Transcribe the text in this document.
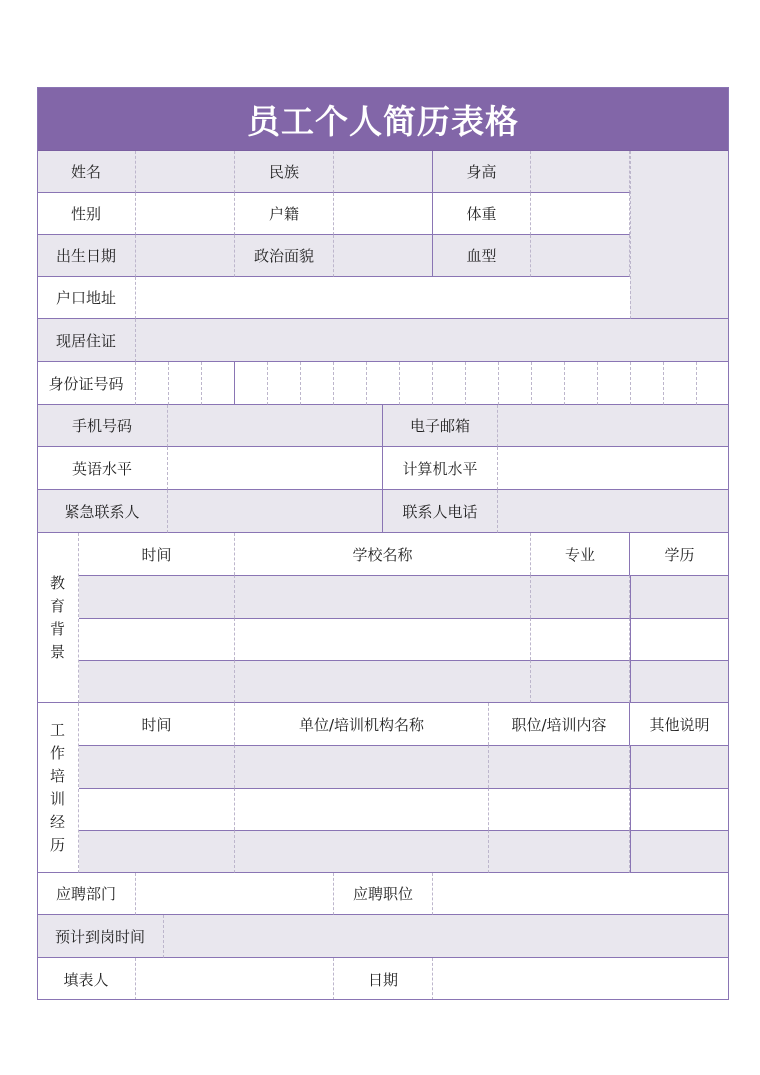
员工个人简历表格
姓名	民族	身高
性别	户籍	体重
出生日期	政治面貌	血型
户口地址
现居住证
身份证号码
手机号码	电子邮箱
英语水平	计算机水平
紧急联系人	联系人电话
教
育
背
景
时间	学校名称	专业	学历
工
作
培
训
经
历
时间	单位/培训机构名称	职位/培训内容	其他说明
应聘部门	应聘职位
预计到岗时间
填表人	日期
